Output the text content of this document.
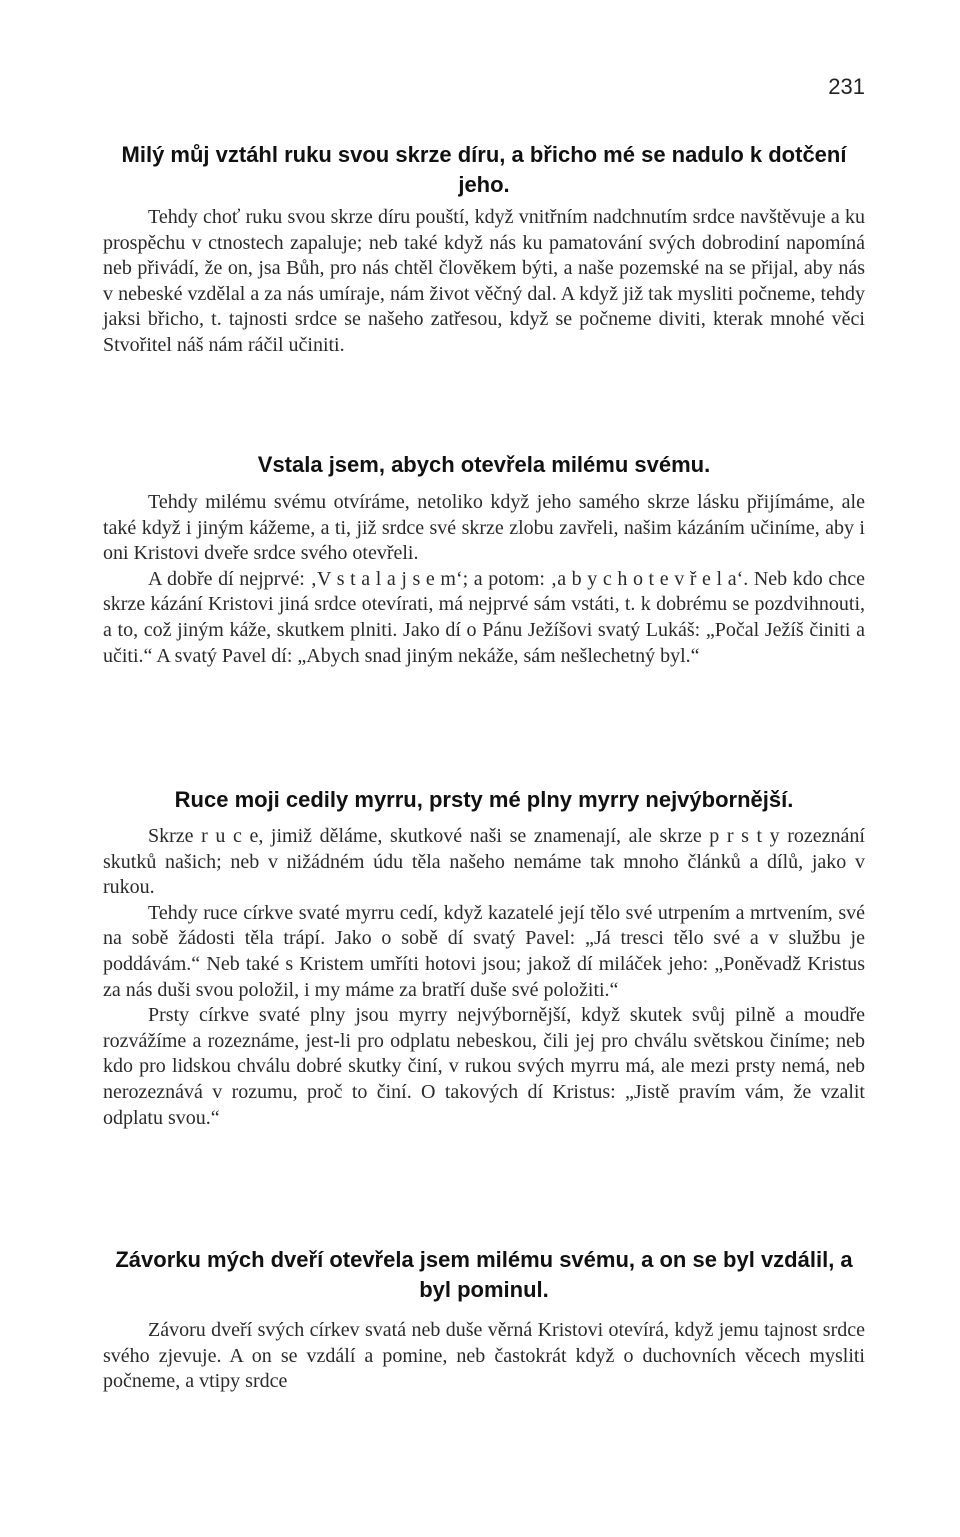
231
Milý můj vztáhl ruku svou skrze díru, a břicho mé se nadulo k dotčení jeho.

Tehdy choť ruku svou skrze díru pouští, když vnitřním nadchnutím srdce navštěvuje a ku prospěchu v ctnostech zapaluje; neb také když nás ku pamatování svých dobrodiní napomíná neb přivádí, že on, jsa Bůh, pro nás chtěl člověkem býti, a naše pozemské na se přijal, aby nás v nebeské vzdělal a za nás umíraje, nám život věčný dal. A když již tak mysliti počneme, tehdy jaksi břicho, t. tajnosti srdce se našeho zatřesou, když se počneme diviti, kterak mnohé věci Stvořitel náš nám ráčil učiniti.

Vstala jsem, abych otevřela milému svému.

Tehdy milému svému otvíráme, netoliko když jeho samého skrze lásku přijímáme, ale také když i jiným kážeme, a ti, již srdce své skrze zlobu zavřeli, našim kázáním učiníme, aby i oni Kristovi dveře srdce svého otevřeli.

A dobře dí nejprvé: ‚V s t a l a j s e m‘; a potom: ‚a b y c h o t e v ř e l a‘. Neb kdo chce skrze kázání Kristovi jiná srdce otevírati, má nejprvé sám vstáti, t. k dobrému se pozdvihnouti, a to, což jiným káže, skutkem plniti. Jako dí o Pánu Ježíšovi svatý Lukáš: „Počal Ježíš činiti a učiti.“ A svatý Pavel dí: „Abych snad jiným nekáže, sám nešlechetný byl.“

Ruce moji cedily myrru, prsty mé plny myrry nejvýbornější.

Skrze r u c e, jimiž děláme, skutkové naši se znamenají, ale skrze p r s t y rozeznání skutků našich; neb v nižádném údu těla našeho nemáme tak mnoho článků a dílů, jako v rukou.

Tehdy ruce církve svaté myrru cedí, když kazatelé její tělo své utrpením a mrtvením, své na sobě žádosti těla trápí. Jako o sobě dí svatý Pavel: „Já tresci tělo své a v službu je poddávám.“ Neb také s Kristem umříti hotovi jsou; jakož dí miláček jeho: „Poněvadž Kristus za nás duši svou položil, i my máme za bratří duše své položiti.“

Prsty církve svaté plny jsou myrry nejvýbornější, když skutek svůj pilně a moudře rozvážíme a rozeznáme, jest-li pro odplatu nebeskou, čili jej pro chválu světskou činíme; neb kdo pro lidskou chválu dobré skutky činí, v rukou svých myrru má, ale mezi prsty nemá, neb nerozeznává v rozumu, proč to činí. O takových dí Kristus: „Jistě pravím vám, že vzalit odplatu svou.“

Závorku mých dveří otevřela jsem milému svému, a on se byl vzdálil, a byl pominul.

Závoru dveří svých církev svatá neb duše věrná Kristovi otevírá, když jemu tajnost srdce svého zjevuje. A on se vzdálí a pomine, neb častokrát když o duchovních věcech mysliti počneme, a vtipy srdce
